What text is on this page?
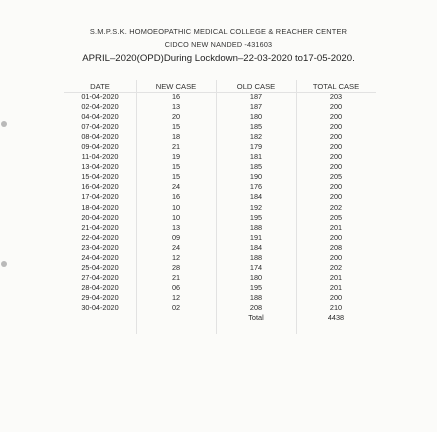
S.M.P.S.K. HOMOEOPATHIC MEDICAL COLLEGE & REACHER CENTER
CIDCO NEW NANDED -431603
APRIL–2020(OPD)During Lockdown–22-03-2020 to17-05-2020.
DATE	NEW CASE	OLD CASE	TOTAL CASE
01-04-2020	16	187	203
02-04-2020	13	187	200
04-04-2020	20	180	200
07-04-2020	15	185	200
08-04-2020	18	182	200
09-04-2020	21	179	200
11-04-2020	19	181	200
13-04-2020	15	185	200
15-04-2020	15	190	205
16-04-2020	24	176	200
17-04-2020	16	184	200
18-04-2020	10	192	202
20-04-2020	10	195	205
21-04-2020	13	188	201
22-04-2020	09	191	200
23-04-2020	24	184	208
24-04-2020	12	188	200
25-04-2020	28	174	202
27-04-2020	21	180	201
28-04-2020	06	195	201
29-04-2020	12	188	200
30-04-2020	02	208	210
		Total	4438
